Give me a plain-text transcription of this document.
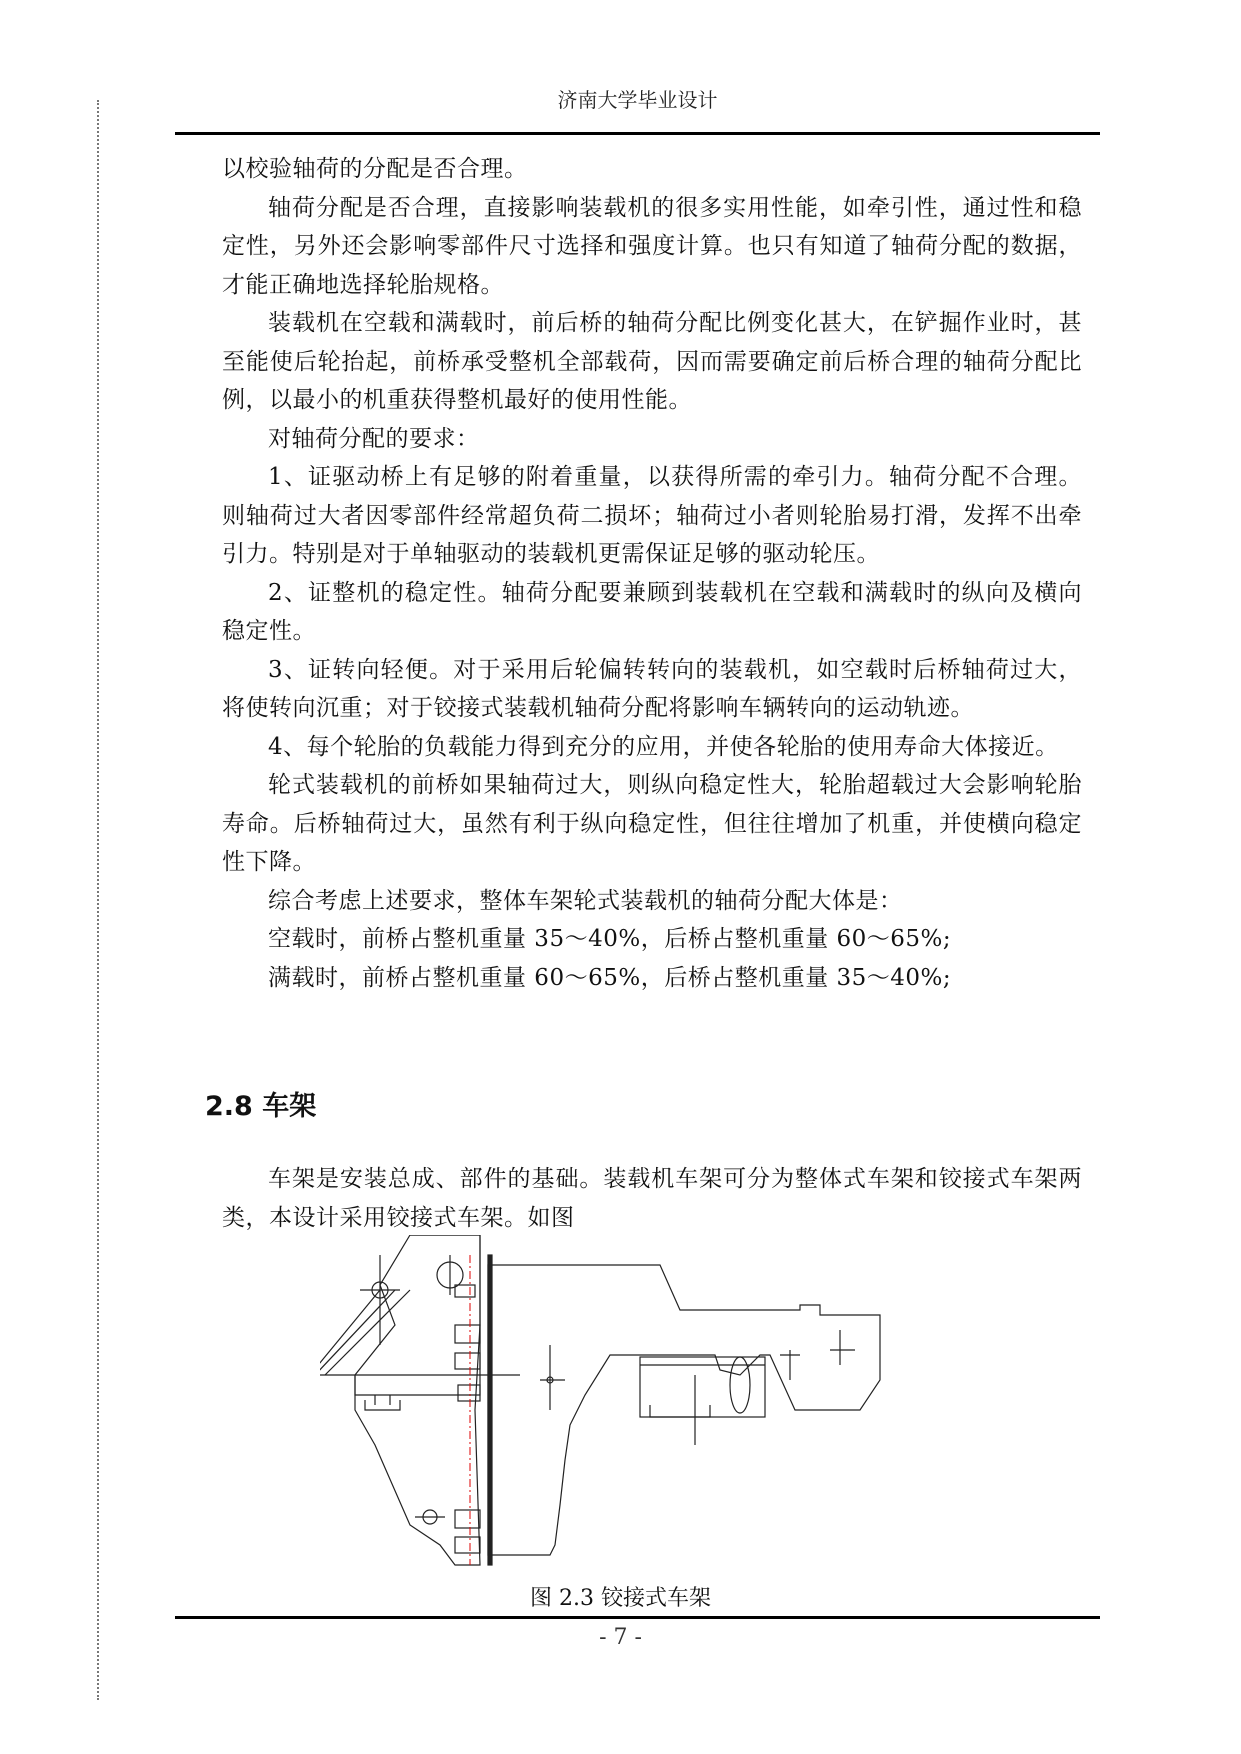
济南大学毕业设计

以校验轴荷的分配是否合理。

轴荷分配是否合理，直接影响装载机的很多实用性能，如牵引性，通过性和稳定性，另外还会影响零部件尺寸选择和强度计算。也只有知道了轴荷分配的数据，才能正确地选择轮胎规格。

装载机在空载和满载时，前后桥的轴荷分配比例变化甚大，在铲掘作业时，甚至能使后轮抬起，前桥承受整机全部载荷，因而需要确定前后桥合理的轴荷分配比例，以最小的机重获得整机最好的使用性能。

对轴荷分配的要求：

1、证驱动桥上有足够的附着重量，以获得所需的牵引力。轴荷分配不合理。则轴荷过大者因零部件经常超负荷二损坏；轴荷过小者则轮胎易打滑，发挥不出牵引力。特别是对于单轴驱动的装载机更需保证足够的驱动轮压。

2、证整机的稳定性。轴荷分配要兼顾到装载机在空载和满载时的纵向及横向稳定性。

3、证转向轻便。对于采用后轮偏转转向的装载机，如空载时后桥轴荷过大，将使转向沉重；对于铰接式装载机轴荷分配将影响车辆转向的运动轨迹。

4、每个轮胎的负载能力得到充分的应用，并使各轮胎的使用寿命大体接近。

轮式装载机的前桥如果轴荷过大，则纵向稳定性大，轮胎超载过大会影响轮胎寿命。后桥轴荷过大，虽然有利于纵向稳定性，但往往增加了机重，并使横向稳定性下降。

综合考虑上述要求，整体车架轮式装载机的轴荷分配大体是：

空载时，前桥占整机重量 35～40%，后桥占整机重量 60～65%;

满载时，前桥占整机重量 60～65%，后桥占整机重量 35～40%;

2.8 车架

车架是安装总成、部件的基础。装载机车架可分为整体式车架和铰接式车架两类，本设计采用铰接式车架。如图

图 2.3 铰接式车架
- 7 -
